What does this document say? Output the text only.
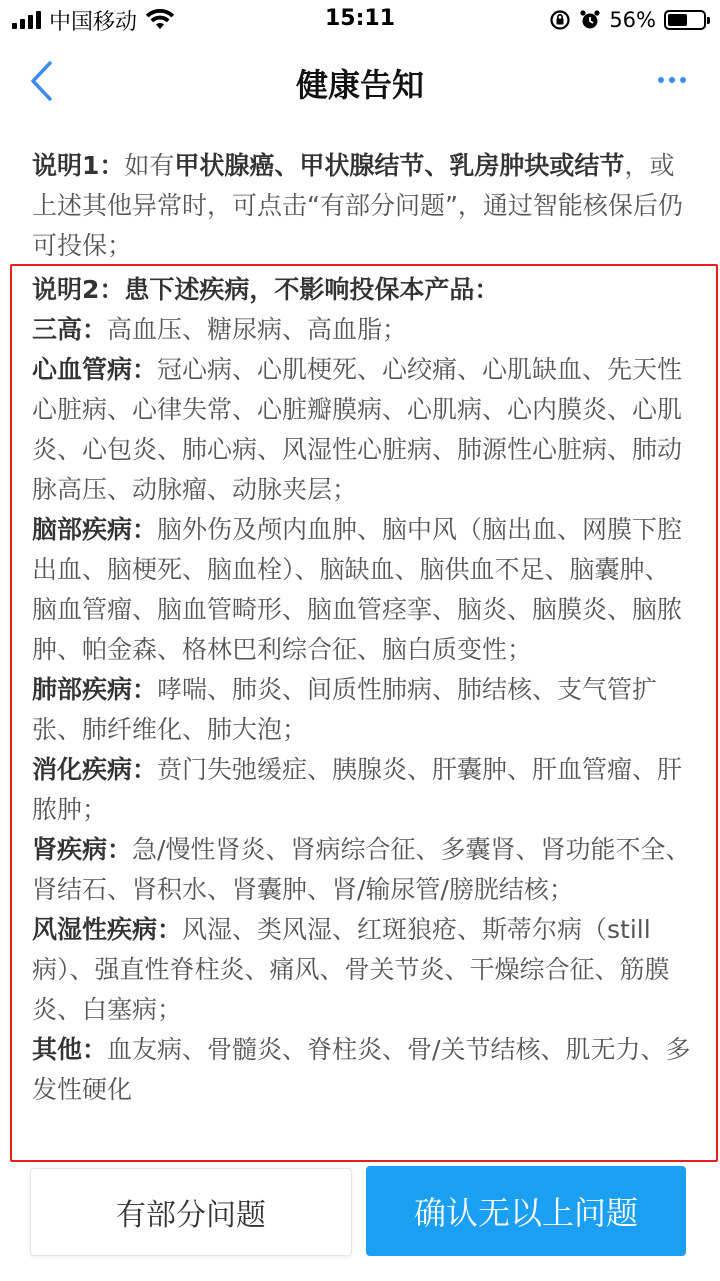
中国移动	15:11	56%
健康告知
说明1：如有甲状腺癌、甲状腺结节、乳房肿块或结节，或上述其他异常时，可点击“有部分问题”，通过智能核保后仍可投保；

说明2：患下述疾病，不影响投保本产品：

三高：高血压、糖尿病、高血脂；

心血管病：冠心病、心肌梗死、心绞痛、心肌缺血、先天性心脏病、心律失常、心脏瓣膜病、心肌病、心内膜炎、心肌炎、心包炎、肺心病、风湿性心脏病、肺源性心脏病、肺动脉高压、动脉瘤、动脉夹层；

脑部疾病：脑外伤及颅内血肿、脑中风（脑出血、网膜下腔出血、脑梗死、脑血栓）、脑缺血、脑供血不足、脑囊肿、脑血管瘤、脑血管畸形、脑血管痉挛、脑炎、脑膜炎、脑脓肿、帕金森、格林巴利综合征、脑白质变性；

肺部疾病：哮喘、肺炎、间质性肺病、肺结核、支气管扩张、肺纤维化、肺大泡；

消化疾病：贲门失弛缓症、胰腺炎、肝囊肿、肝血管瘤、肝脓肿；

肾疾病：急/慢性肾炎、肾病综合征、多囊肾、肾功能不全、肾结石、肾积水、肾囊肿、肾/输尿管/膀胱结核；

风湿性疾病：风湿、类风湿、红斑狼疮、斯蒂尔病（still病）、强直性脊柱炎、痛风、骨关节炎、干燥综合征、筋膜炎、白塞病；

其他：血友病、骨髓炎、脊柱炎、骨/关节结核、肌无力、多发性硬化

有部分问题	确认无以上问题
